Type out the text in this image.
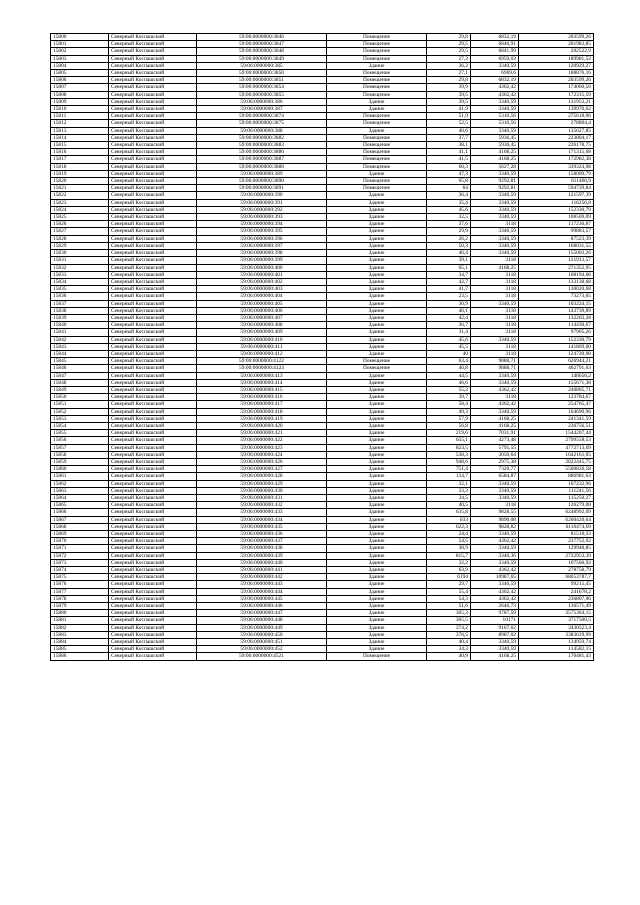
15800	Северный Коспашский	59:06:0000000:3846	Помещение	29,8	6832,19	203599,26
15801	Северный Коспашский	59:06:0000000:3847	Помещение	29,5	6846,91	201983,85
15802	Северный Коспашский	59:06:0000000:3848	Помещение	29,5	6841,99	202522,9
15803	Северный Коспашский	59:06:0000000:3849	Помещение	27,3	6959,03	189981,52
15804	Северный Коспашский	59:06:0000000:385	Здание	36,2	3340,59	120929,27
15805	Северный Коспашский	59:06:0000000:3850	Помещение	27,1	6969,6	188876,16
15806	Северный Коспашский	59:06:0000000:3851	Помещение	29,8	6832,19	203599,26
15807	Северный Коспашский	59:06:0000000:3854	Помещение	39,9	4362,42	174060,56
15808	Северный Коспашский	59:06:0000000:3855	Помещение	39,5	4362,42	172315,59
15809	Северный Коспашский	59:06:0000000:386	Здание	39,5	3340,59	131953,21
15810	Северный Коспашский	59:06:0000000:387	Здание	41,9	3340,59	139970,62
15811	Северный Коспашский	59:06:0000000:3874	Помещение	51,9	5310,56	275618,06
15812	Северный Коспашский	59:06:0000000:3875	Помещение	52,5	5310,56	278804,4
15813	Северный Коспашский	59:06:0000000:388	Здание	40,6	3340,59	135627,85
15814	Северный Коспашский	59:06:0000000:3882	Помещение	37,7	5936,45	223804,17
15815	Северный Коспашский	59:06:0000000:3883	Помещение	38,1	5936,45	226178,75
15816	Северный Коспашский	59:06:0000000:3886	Помещение	41,1	4168,25	171315,08
15817	Северный Коспашский	59:06:0000000:3887	Помещение	41,5	4168,25	172982,38
15818	Северный Коспашский	59:06:0000000:3888	Помещение	60,3	5627,28	339324,98
15819	Северный Коспашский	59:06:0000000:389	Здание	47,3	3340,59	158009,79
15820	Северный Коспашский	59:06:0000000:3890	Помещение	65,8	9292,81	611466,9
15821	Северный Коспашский	59:06:0000000:3891	Помещение	64	9292,81	594739,84
15822	Северный Коспашский	59:06:0000000:390	Здание	36,4	3340,59	121597,39
15823	Северный Коспашский	59:06:0000000:391	Здание	35,4	3340,59	118256,8
15824	Северный Коспашский	59:06:0000000:392	Здание	45,6	3340,59	152330,79
15825	Северный Коспашский	59:06:0000000:393	Здание	32,5	3340,59	108569,09
15826	Северный Коспашский	59:06:0000000:394	Здание	37,6	3118	117236,87
15827	Северный Коспашский	59:06:0000000:395	Здание	29,9	3340,59	99883,57
15828	Северный Коспашский	59:06:0000000:396	Здание	26,2	3340,59	87523,39
15829	Северный Коспашский	59:06:0000000:397	Здание	50,3	3340,59	168031,55
15830	Северный Коспашский	59:06:0000000:398	Здание	46,4	3340,59	155003,26
15831	Северный Коспашский	59:06:0000000:399	Здание	39,1	3118	121913,57
15832	Северный Коспашский	59:06:0000000:400	Здание	65,1	4168,25	271352,95
15833	Северный Коспашский	59:06:0000000:401	Здание	34,7	3118	108194,66
15834	Северный Коспашский	59:06:0000000:402	Здание	42,7	3118	133138,68
15835	Северный Коспашский	59:06:0000000:403	Здание	41,7	3118	130020,68
15836	Северный Коспашский	59:06:0000000:404	Здание	23,5	3118	73273,05
15837	Северный Коспашский	59:06:0000000:405	Здание	30,9	3340,59	103224,15
15838	Северный Коспашский	59:06:0000000:406	Здание	46,1	3118	143739,89
15839	Северный Коспашский	59:06:0000000:407	Здание	42,4	3118	132203,28
15840	Северный Коспашский	59:06:0000000:408	Здание	36,7	3118	114430,67
15841	Северный Коспашский	59:06:0000000:409	Здание	31,4	3118	97905,26
15842	Северный Коспашский	59:06:0000000:410	Здание	45,6	3340,59	152330,79
15843	Северный Коспашский	59:06:0000000:411	Здание	45,5	3118	141869,00
15844	Северный Коспашский	59:06:0000000:412	Здание	40	3118	124720,08
15845	Северный Коспашский	59:06:0000000:4122	Помещение	63,4	9888,71	626944,21
15846	Северный Коспашский	59:06:0000000:4123	Помещение	46,8	9888,71	462791,63
15847	Северный Коспашский	59:06:0000000:413	Здание	44,5	3340,59	148656,2
15848	Северный Коспашский	59:06:0000000:414	Здание	46,6	3340,59	155671,38
15849	Северный Коспашский	59:06:0000000:415	Здание	55,2	4362,42	240805,71
15850	Северный Коспашский	59:06:0000000:416	Здание	39,7	3118	123784,67
15851	Северный Коспашский	59:06:0000000:417	Здание	58,4	4362,42	254765,47
15852	Северный Коспашский	59:06:0000000:418	Здание	49,3	3340,59	164690,96
15853	Северный Коспашский	59:06:0000000:419	Здание	57,9	4168,25	241341,59
15854	Северный Коспашский	59:06:0000000:420	Здание	56,8	4168,25	236756,51
15855	Северный Коспашский	59:06:0000000:421	Здание	219,6	7031,91	1544207,44
15856	Северный Коспашский	59:06:0000000:422	Здание	655,1	4273,48	2799558,53
15857	Северный Коспашский	59:06:0000000:423	Здание	823,5	5795,55	4772713,69
15858	Северный Коспашский	59:06:0000000:424	Здание	538,3	3050,64	1642161,05
15859	Северный Коспашский	59:06:0000000:426	Здание	948,6	2975,38	2822445,75
15860	Северный Коспашский	59:06:0000000:427	Здание	751,4	7320,77	5500826,58
15861	Северный Коспашский	59:06:0000000:428	Здание	134,7	6584,87	886981,63
15862	Северный Коспашский	59:06:0000000:429	Здание	32,1	3340,59	107232,96
15863	Северный Коспашский	59:06:0000000:430	Здание	33,3	3340,59	111241,56
15864	Северный Коспашский	59:06:0000000:431	Здание	34,5	3340,59	115250,27
15865	Северный Коспашский	59:06:0000000:432	Здание	40,5	3118	126279,08
15866	Северный Коспашский	59:06:0000000:433	Здание	635,8	9828,55	6248992,09
15867	Северный Коспашский	59:06:0000000:434	Здание	633	9890,08	6260420,64
15868	Северный Коспашский	59:06:0000000:435	Здание	622,3	9828,82	6116474,69
15869	Северный Коспашский	59:06:0000000:436	Здание	24,4	3340,59	81510,33
15870	Северный Коспашский	59:06:0000000:437	Здание	54,5	4362,42	237752,02
15871	Северный Коспашский	59:06:0000000:438	Здание	38,9	3340,59	129948,85
15872	Северный Коспашский	59:06:0000000:439	Здание	815,7	3346,36	2732953,39
15873	Северный Коспашский	59:06:0000000:440	Здание	32,2	3340,59	107566,92
15874	Северный Коспашский	59:06:0000000:441	Здание	63,9	4362,42	278758,79
15875	Северный Коспашский	59:06:0000000:442	Здание	6194	10987,65	68053787,7
15876	Северный Коспашский	59:06:0000000:443	Здание	29,7	3340,59	99215,45
15877	Северный Коспашский	59:06:0000000:444	Здание	55,4	4362,42	241678,2
15878	Северный Коспашский	59:06:0000000:445	Здание	54,3	4362,42	236807,06
15879	Северный Коспашский	59:06:0000000:446	Здание	51,6	2646,73	136571,49
15880	Северный Коспашский	59:06:0000000:447	Здание	365,3	9787,59	3575364,15
15881	Северный Коспашский	59:06:0000000:448	Здание	365,5	10171	3717500,5
15882	Северный Коспашский	59:06:0000000:449	Здание	374,2	9167,62	3430523,4
15883	Северный Коспашский	59:06:0000000:450	Здание	376,5	8987,02	3383639,99
15884	Северный Коспашский	59:06:0000000:451	Здание	40,4	3340,59	134959,74
15885	Северный Коспашский	59:06:0000000:452	Здание	34,3	3340,59	114582,15
15886	Северный Коспашский	59:06:0000000:4521	Помещение	40,9	4168,25	170481,43
